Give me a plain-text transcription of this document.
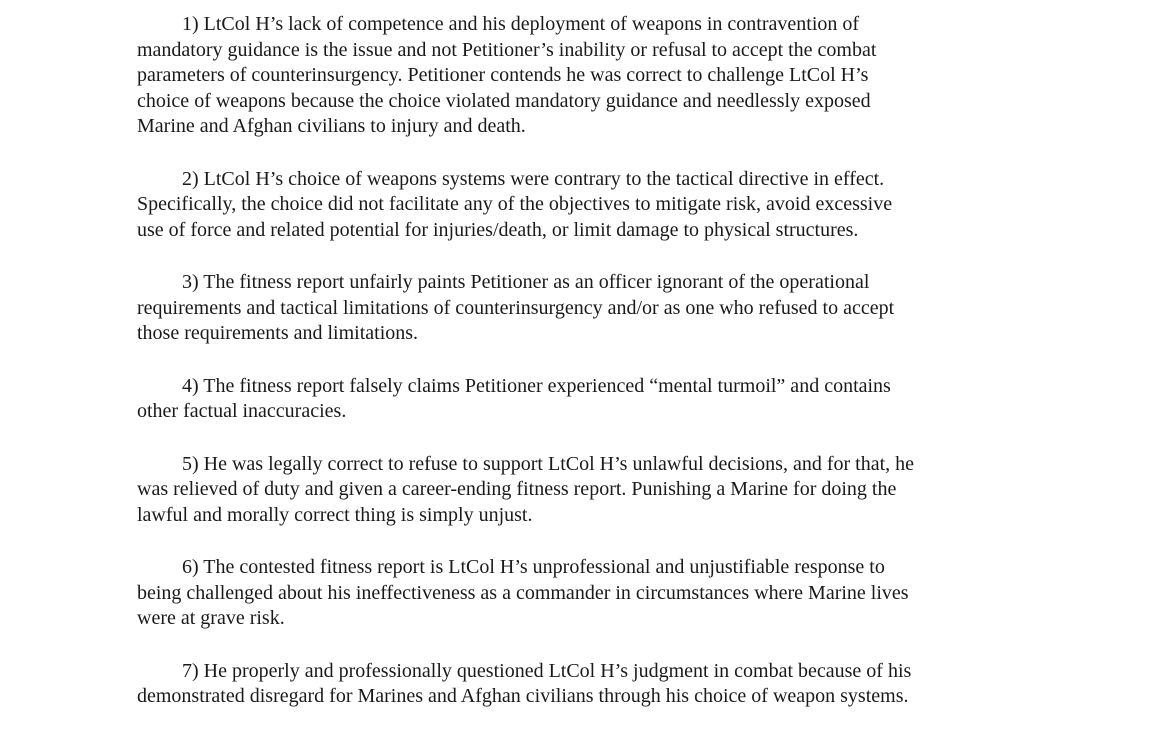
1) LtCol H’s lack of competence and his deployment of weapons in contravention of
mandatory guidance is the issue and not Petitioner’s inability or refusal to accept the combat
parameters of counterinsurgency. Petitioner contends he was correct to challenge LtCol H’s
choice of weapons because the choice violated mandatory guidance and needlessly exposed
Marine and Afghan civilians to injury and death.

2) LtCol H’s choice of weapons systems were contrary to the tactical directive in effect.
Specifically, the choice did not facilitate any of the objectives to mitigate risk, avoid excessive
use of force and related potential for injuries/death, or limit damage to physical structures.

3) The fitness report unfairly paints Petitioner as an officer ignorant of the operational
requirements and tactical limitations of counterinsurgency and/or as one who refused to accept
those requirements and limitations.

4) The fitness report falsely claims Petitioner experienced “mental turmoil” and contains
other factual inaccuracies.

5) He was legally correct to refuse to support LtCol H’s unlawful decisions, and for that, he
was relieved of duty and given a career-ending fitness report. Punishing a Marine for doing the
lawful and morally correct thing is simply unjust.

6) The contested fitness report is LtCol H’s unprofessional and unjustifiable response to
being challenged about his ineffectiveness as a commander in circumstances where Marine lives
were at grave risk.

7) He properly and professionally questioned LtCol H’s judgment in combat because of his
demonstrated disregard for Marines and Afghan civilians through his choice of weapon systems.
